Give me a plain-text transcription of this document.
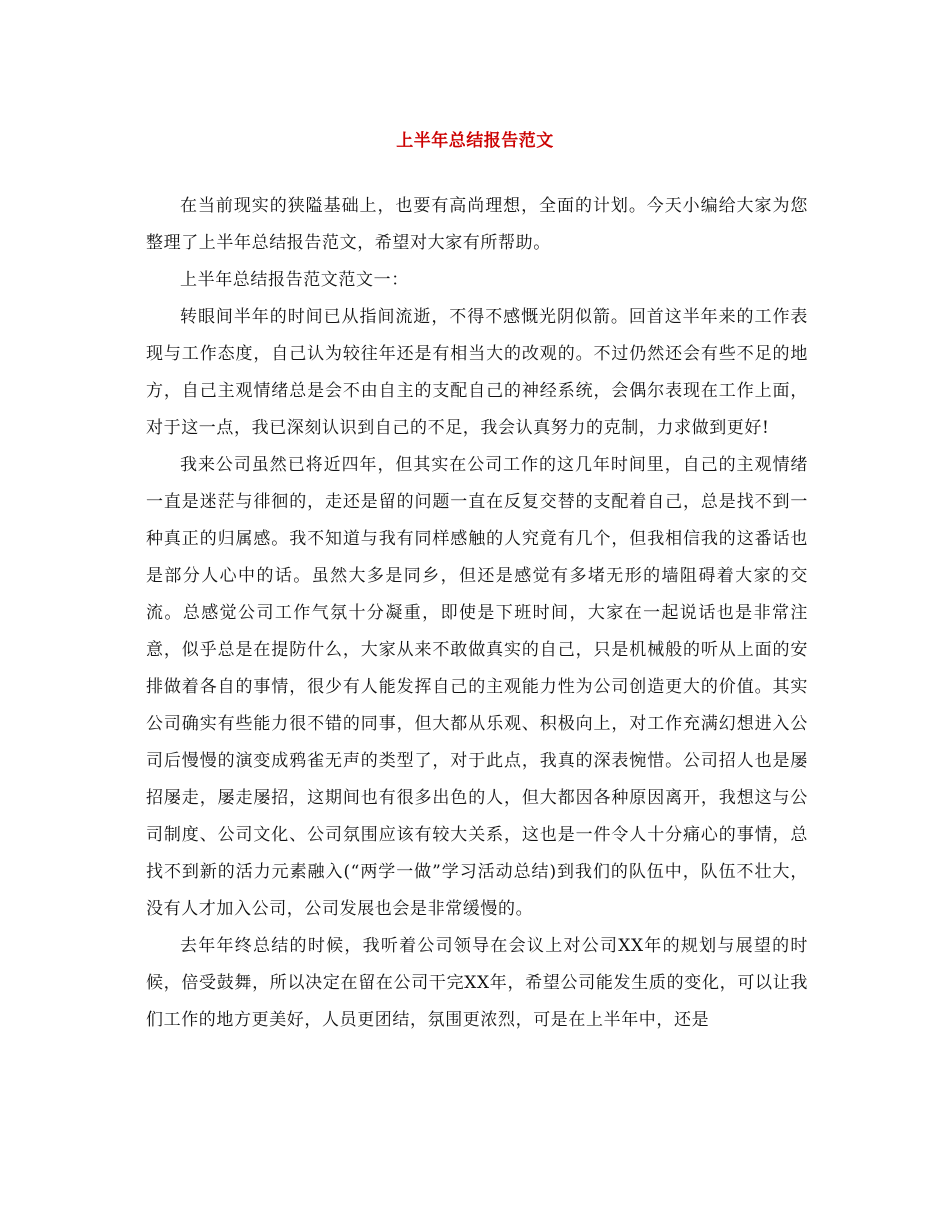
上半年总结报告范文

在当前现实的狭隘基础上，也要有高尚理想，全面的计划。今天小编给大家为您整理了上半年总结报告范文，希望对大家有所帮助。

上半年总结报告范文范文一：

转眼间半年的时间已从指间流逝，不得不感慨光阴似箭。回首这半年来的工作表现与工作态度，自己认为较往年还是有相当大的改观的。不过仍然还会有些不足的地方，自己主观情绪总是会不由自主的支配自己的神经系统，会偶尔表现在工作上面，对于这一点，我已深刻认识到自己的不足，我会认真努力的克制，力求做到更好!

我来公司虽然已将近四年，但其实在公司工作的这几年时间里，自己的主观情绪一直是迷茫与徘徊的，走还是留的问题一直在反复交替的支配着自己，总是找不到一种真正的归属感。我不知道与我有同样感触的人究竟有几个，但我相信我的这番话也是部分人心中的话。虽然大多是同乡，但还是感觉有多堵无形的墙阻碍着大家的交流。总感觉公司工作气氛十分凝重，即使是下班时间，大家在一起说话也是非常注意，似乎总是在提防什么，大家从来不敢做真实的自己，只是机械般的听从上面的安排做着各自的事情，很少有人能发挥自己的主观能力性为公司创造更大的价值。其实公司确实有些能力很不错的同事，但大都从乐观、积极向上，对工作充满幻想进入公司后慢慢的演变成鸦雀无声的类型了，对于此点，我真的深表惋惜。公司招人也是屡招屡走，屡走屡招，这期间也有很多出色的人，但大都因各种原因离开，我想这与公司制度、公司文化、公司氛围应该有较大关系，这也是一件令人十分痛心的事情，总找不到新的活力元素融入(“两学一做”学习活动总结)到我们的队伍中，队伍不壮大，没有人才加入公司，公司发展也会是非常缓慢的。

去年年终总结的时候，我听着公司领导在会议上对公司XX年的规划与展望的时候，倍受鼓舞，所以决定在留在公司干完XX年，希望公司能发生质的变化，可以让我们工作的地方更美好，人员更团结，氛围更浓烈，可是在上半年中，还是
